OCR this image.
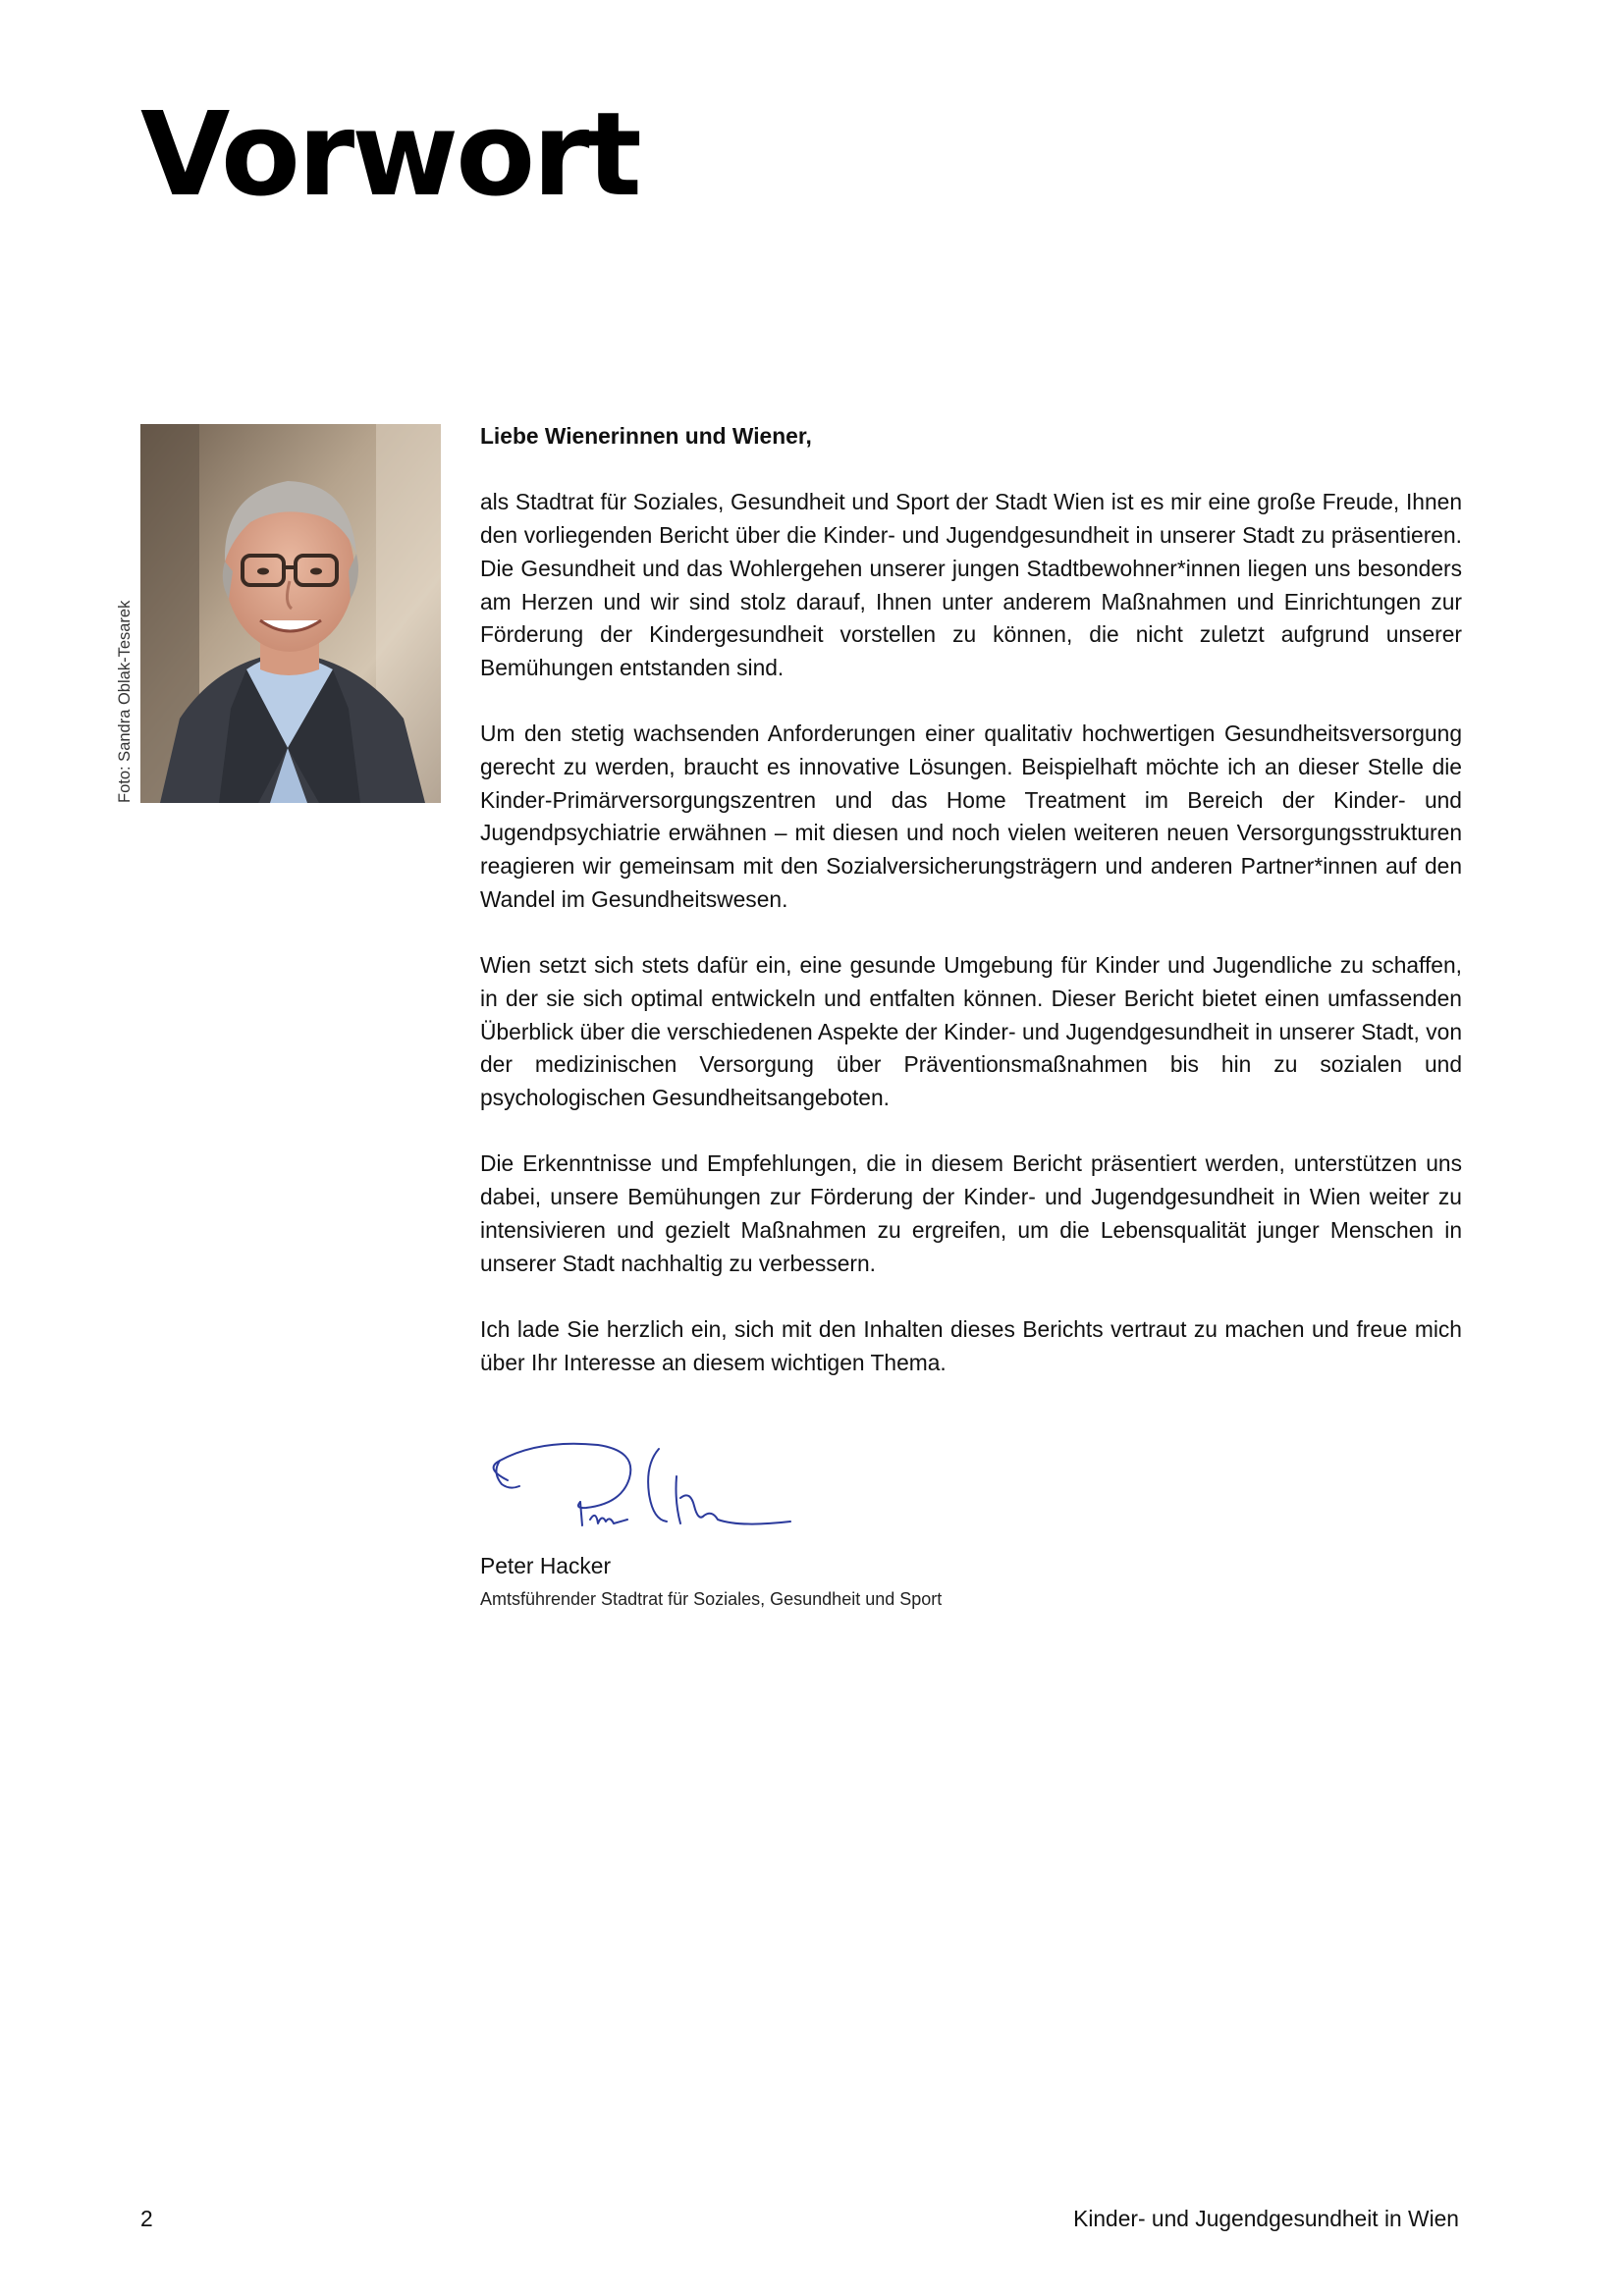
Vorwort
Foto: Sandra Oblak-Tesarek

Liebe Wienerinnen und Wiener,

als Stadtrat für Soziales, Gesundheit und Sport der Stadt Wien ist es mir eine große Freude, Ihnen den vorliegenden Bericht über die Kinder- und Jugendgesundheit in unserer Stadt zu präsentieren. Die Gesundheit und das Wohlergehen unserer jungen Stadtbewohner*innen liegen uns besonders am Herzen und wir sind stolz darauf, Ihnen unter anderem Maßnahmen und Einrichtungen zur Förderung der Kindergesundheit vorstellen zu können, die nicht zuletzt aufgrund unserer Bemühungen entstanden sind.

Um den stetig wachsenden Anforderungen einer qualitativ hochwertigen Gesundheitsversorgung gerecht zu werden, braucht es innovative Lösungen. Beispielhaft möchte ich an dieser Stelle die Kinder-Primärversorgungszentren und das Home Treatment im Bereich der Kinder- und Jugendpsychiatrie erwähnen – mit diesen und noch vielen weiteren neuen Versorgungsstrukturen reagieren wir gemeinsam mit den Sozialversicherungsträgern und anderen Partner*innen auf den Wandel im Gesundheitswesen.

Wien setzt sich stets dafür ein, eine gesunde Umgebung für Kinder und Jugendliche zu schaffen, in der sie sich optimal entwickeln und entfalten können. Dieser Bericht bietet einen umfassenden Überblick über die verschiedenen Aspekte der Kinder- und Jugendgesundheit in unserer Stadt, von der medizinischen Versorgung über Präventionsmaßnahmen bis hin zu sozialen und psychologischen Gesundheitsangeboten.

Die Erkenntnisse und Empfehlungen, die in diesem Bericht präsentiert werden, unterstützen uns dabei, unsere Bemühungen zur Förderung der Kinder- und Jugendgesundheit in Wien weiter zu intensivieren und gezielt Maßnahmen zu ergreifen, um die Lebensqualität junger Menschen in unserer Stadt nachhaltig zu verbessern.

Ich lade Sie herzlich ein, sich mit den Inhalten dieses Berichts vertraut zu machen und freue mich über Ihr Interesse an diesem wichtigen Thema.

Peter Hacker
Amtsführender Stadtrat für Soziales, Gesundheit und Sport
2	Kinder- und Jugendgesundheit in Wien
